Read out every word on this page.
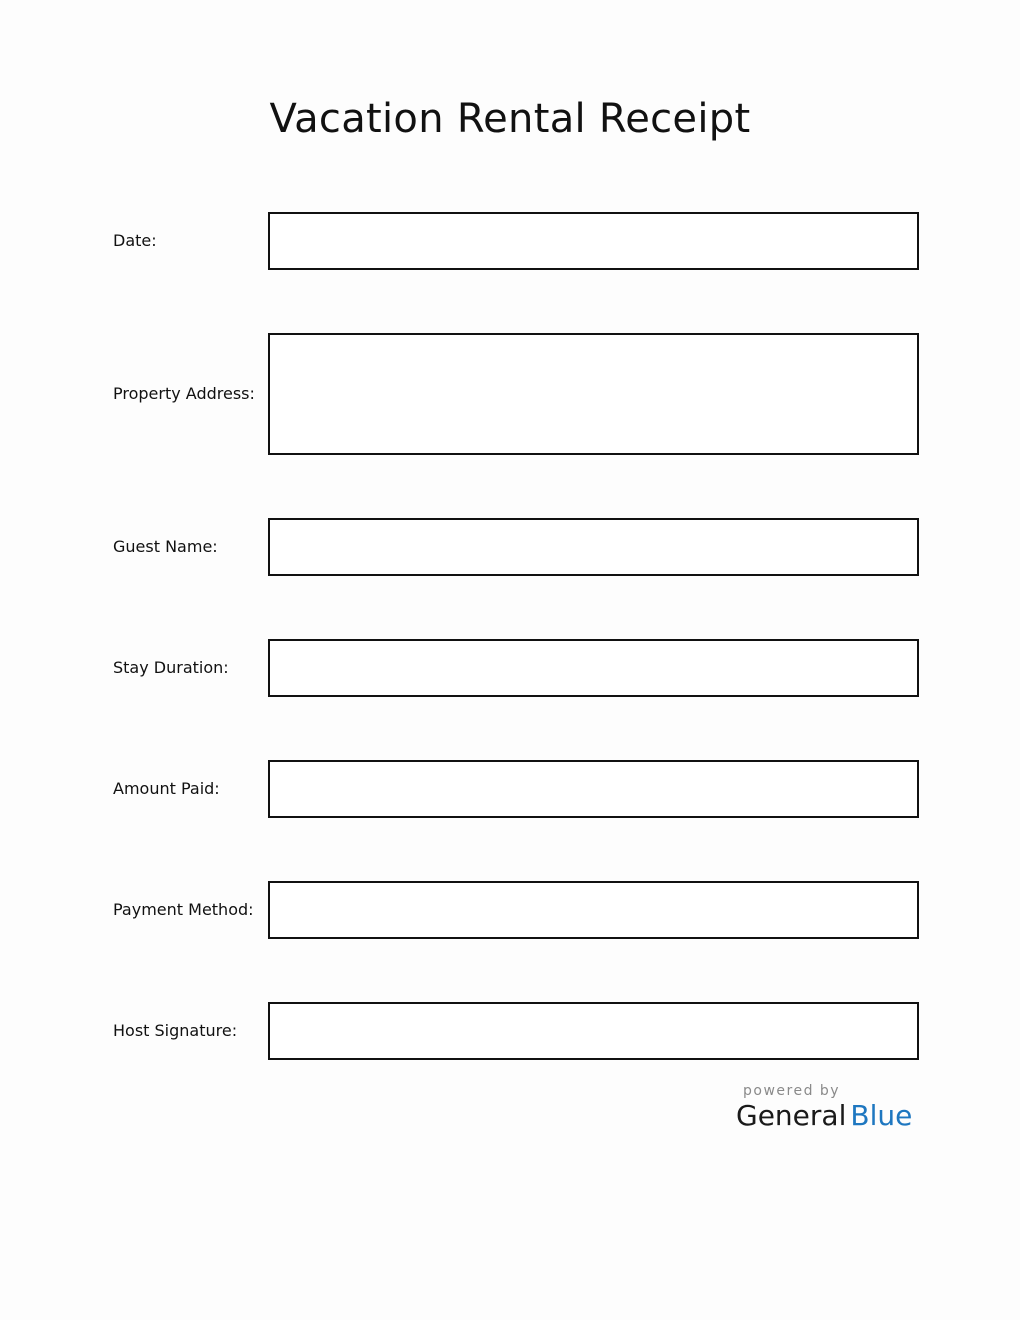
Vacation Rental Receipt
Date:
Property Address:
Guest Name:
Stay Duration:
Amount Paid:
Payment Method:
Host Signature:
powered by
General Blue
